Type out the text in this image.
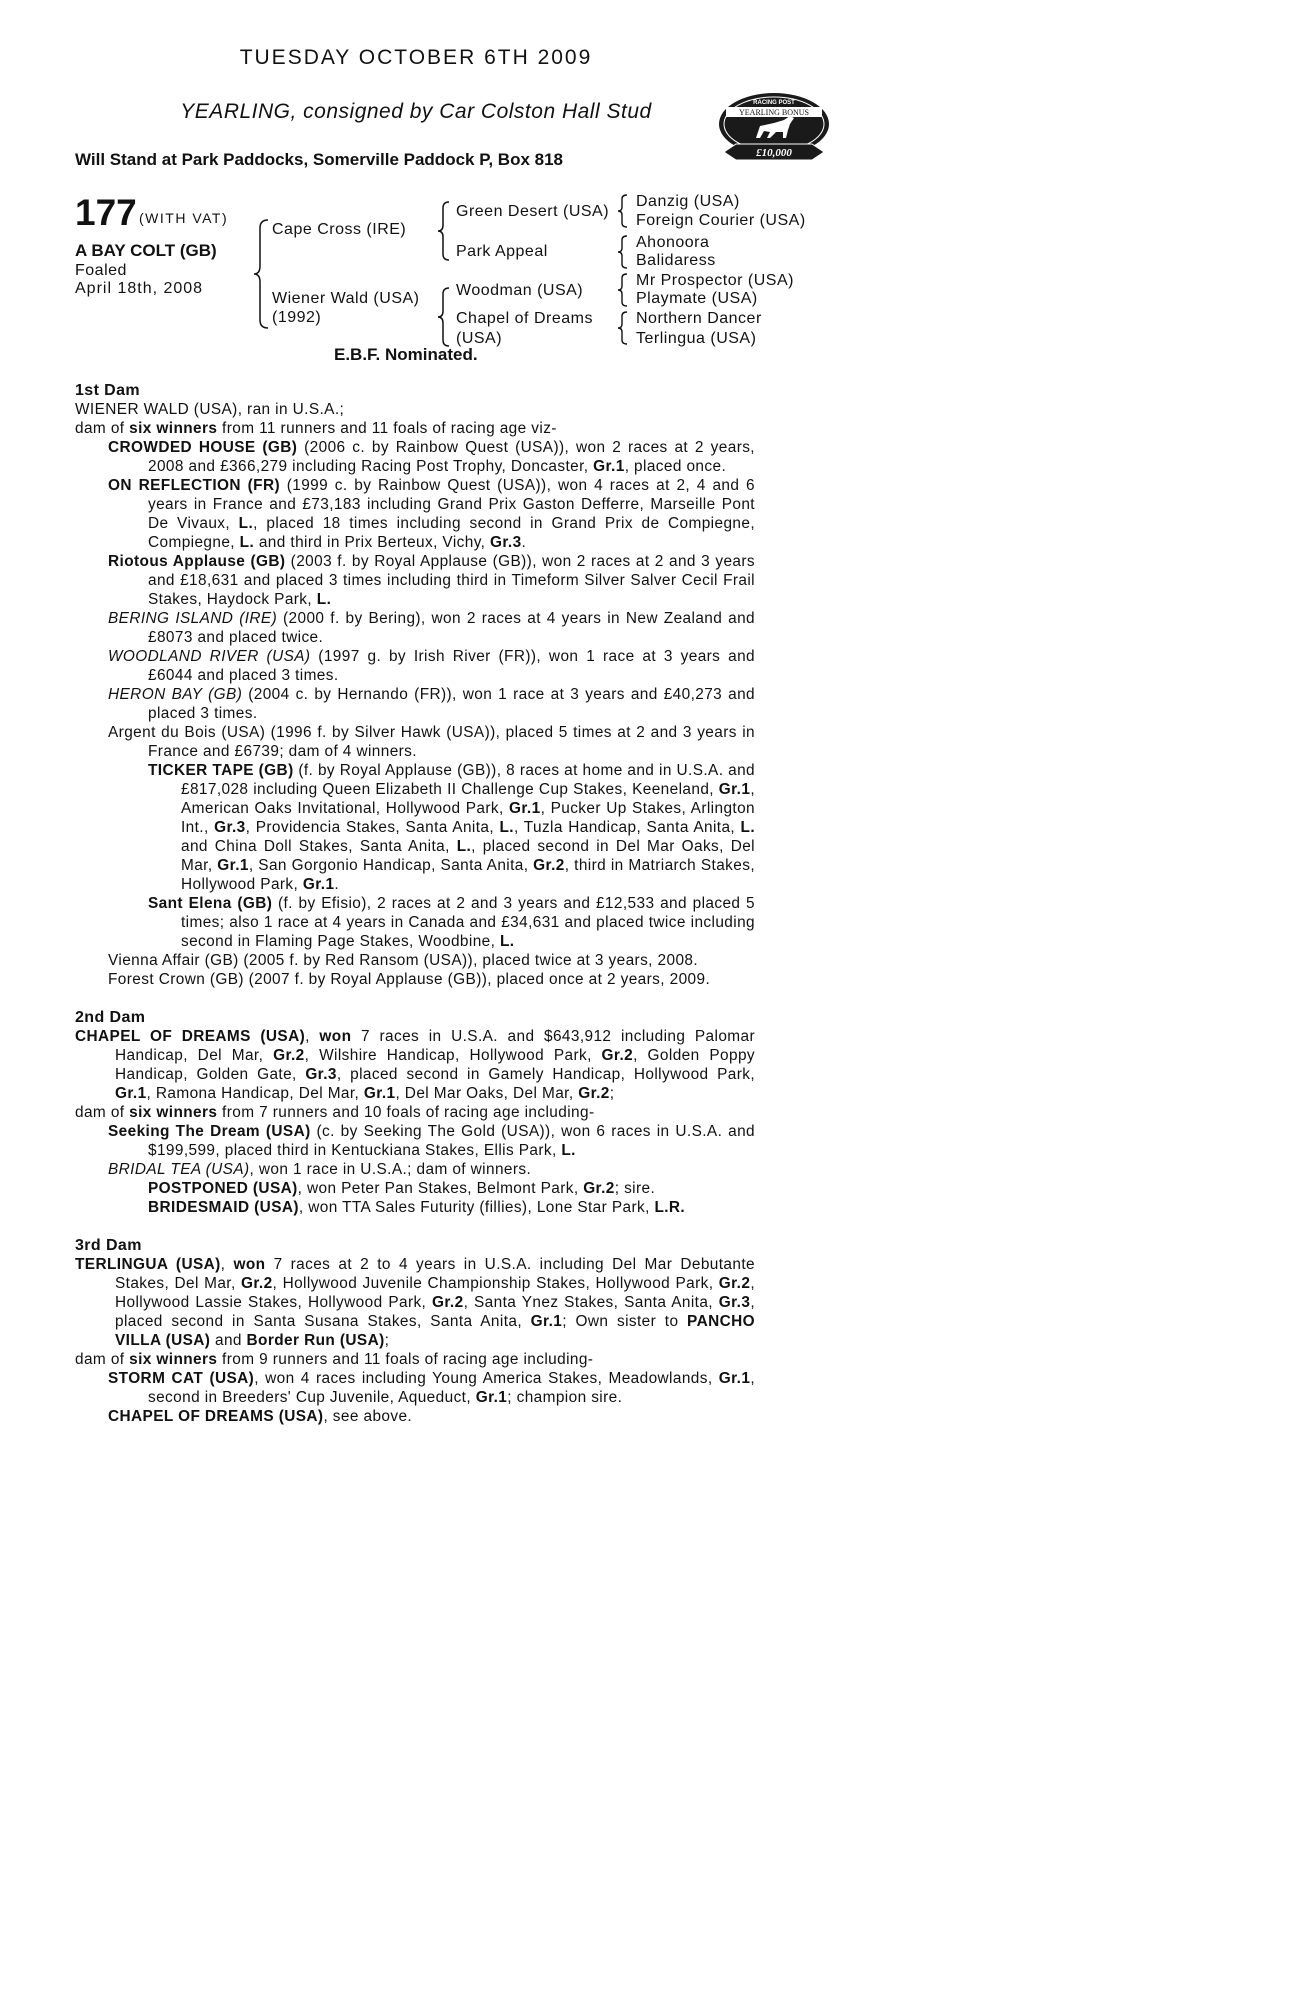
TUESDAY OCTOBER 6TH 2009
YEARLING, consigned by Car Colston Hall Stud
Will Stand at Park Paddocks, Somerville Paddock P, Box 818
RACING POST
YEARLING BONUS
£10,000
177 (WITH VAT)
A BAY COLT (GB)
Foaled
April 18th, 2008
Cape Cross (IRE)
Wiener Wald (USA)
(1992)
Green Desert (USA)
Park Appeal
Woodman (USA)
Chapel of Dreams
(USA)
Danzig (USA)
Foreign Courier (USA)
Ahonoora
Balidaress
Mr Prospector (USA)
Playmate (USA)
Northern Dancer
Terlingua (USA)
E.B.F. Nominated.

1st Dam

WIENER WALD (USA), ran in U.S.A.;

dam of six winners from 11 runners and 11 foals of racing age viz-

CROWDED HOUSE (GB) (2006 c. by Rainbow Quest (USA)), won 2 races at 2 years, 2008 and £366,279 including Racing Post Trophy, Doncaster, Gr.1, placed once.

ON REFLECTION (FR) (1999 c. by Rainbow Quest (USA)), won 4 races at 2, 4 and 6 years in France and £73,183 including Grand Prix Gaston Defferre, Marseille Pont De Vivaux, L., placed 18 times including second in Grand Prix de Compiegne, Compiegne, L. and third in Prix Berteux, Vichy, Gr.3.

Riotous Applause (GB) (2003 f. by Royal Applause (GB)), won 2 races at 2 and 3 years and £18,631 and placed 3 times including third in Timeform Silver Salver Cecil Frail Stakes, Haydock Park, L.

BERING ISLAND (IRE) (2000 f. by Bering), won 2 races at 4 years in New Zealand and £8073 and placed twice.

WOODLAND RIVER (USA) (1997 g. by Irish River (FR)), won 1 race at 3 years and £6044 and placed 3 times.

HERON BAY (GB) (2004 c. by Hernando (FR)), won 1 race at 3 years and £40,273 and placed 3 times.

Argent du Bois (USA) (1996 f. by Silver Hawk (USA)), placed 5 times at 2 and 3 years in France and £6739; dam of 4 winners.

TICKER TAPE (GB) (f. by Royal Applause (GB)), 8 races at home and in U.S.A. and £817,028 including Queen Elizabeth II Challenge Cup Stakes, Keeneland, Gr.1, American Oaks Invitational, Hollywood Park, Gr.1, Pucker Up Stakes, Arlington Int., Gr.3, Providencia Stakes, Santa Anita, L., Tuzla Handicap, Santa Anita, L. and China Doll Stakes, Santa Anita, L., placed second in Del Mar Oaks, Del Mar, Gr.1, San Gorgonio Handicap, Santa Anita, Gr.2, third in Matriarch Stakes, Hollywood Park, Gr.1.

Sant Elena (GB) (f. by Efisio), 2 races at 2 and 3 years and £12,533 and placed 5 times; also 1 race at 4 years in Canada and £34,631 and placed twice including second in Flaming Page Stakes, Woodbine, L.

Vienna Affair (GB) (2005 f. by Red Ransom (USA)), placed twice at 3 years, 2008.

Forest Crown (GB) (2007 f. by Royal Applause (GB)), placed once at 2 years, 2009.

2nd Dam

CHAPEL OF DREAMS (USA), won 7 races in U.S.A. and $643,912 including Palomar Handicap, Del Mar, Gr.2, Wilshire Handicap, Hollywood Park, Gr.2, Golden Poppy Handicap, Golden Gate, Gr.3, placed second in Gamely Handicap, Hollywood Park, Gr.1, Ramona Handicap, Del Mar, Gr.1, Del Mar Oaks, Del Mar, Gr.2;

dam of six winners from 7 runners and 10 foals of racing age including-

Seeking The Dream (USA) (c. by Seeking The Gold (USA)), won 6 races in U.S.A. and $199,599, placed third in Kentuckiana Stakes, Ellis Park, L.

BRIDAL TEA (USA), won 1 race in U.S.A.; dam of winners.

POSTPONED (USA), won Peter Pan Stakes, Belmont Park, Gr.2; sire.

BRIDESMAID (USA), won TTA Sales Futurity (fillies), Lone Star Park, L.R.

3rd Dam

TERLINGUA (USA), won 7 races at 2 to 4 years in U.S.A. including Del Mar Debutante Stakes, Del Mar, Gr.2, Hollywood Juvenile Championship Stakes, Hollywood Park, Gr.2, Hollywood Lassie Stakes, Hollywood Park, Gr.2, Santa Ynez Stakes, Santa Anita, Gr.3, placed second in Santa Susana Stakes, Santa Anita, Gr.1; Own sister to PANCHO VILLA (USA) and Border Run (USA);

dam of six winners from 9 runners and 11 foals of racing age including-

STORM CAT (USA), won 4 races including Young America Stakes, Meadowlands, Gr.1, second in Breeders' Cup Juvenile, Aqueduct, Gr.1; champion sire.

CHAPEL OF DREAMS (USA), see above.
